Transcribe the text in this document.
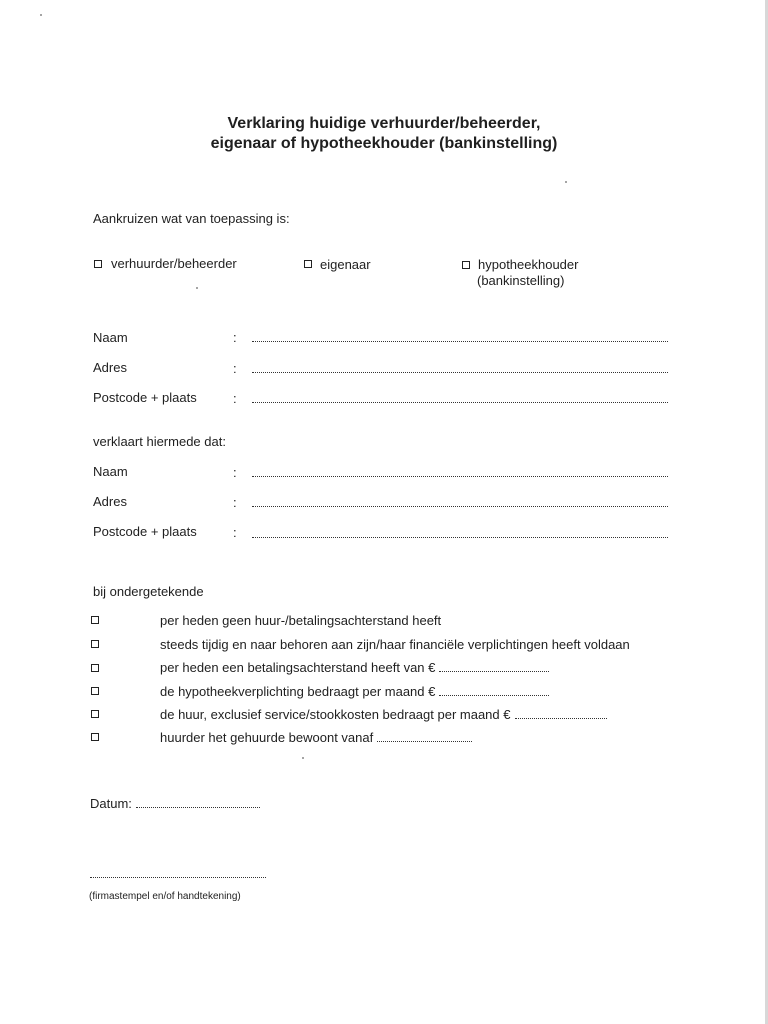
Verklaring huidige verhuurder/beheerder,
eigenaar of hypotheekhouder (bankinstelling)
Aankruizen wat van toepassing is:
verhuurder/beheerder	eigenaar	hypotheekhouder
(bankinstelling)
Naam	:
Adres	:
Postcode + plaats	:
verklaart hiermede dat:
Naam	:
Adres	:
Postcode + plaats	:
bij ondergetekende
per heden geen huur-/betalingsachterstand heeft
steeds tijdig en naar behoren aan zijn/haar financiële verplichtingen heeft voldaan
per heden een betalingsachterstand heeft van €
de hypotheekverplichting bedraagt per maand €
de huur, exclusief service/stookkosten bedraagt per maand €
huurder het gehuurde bewoont vanaf
Datum:
(firmastempel en/of handtekening)
